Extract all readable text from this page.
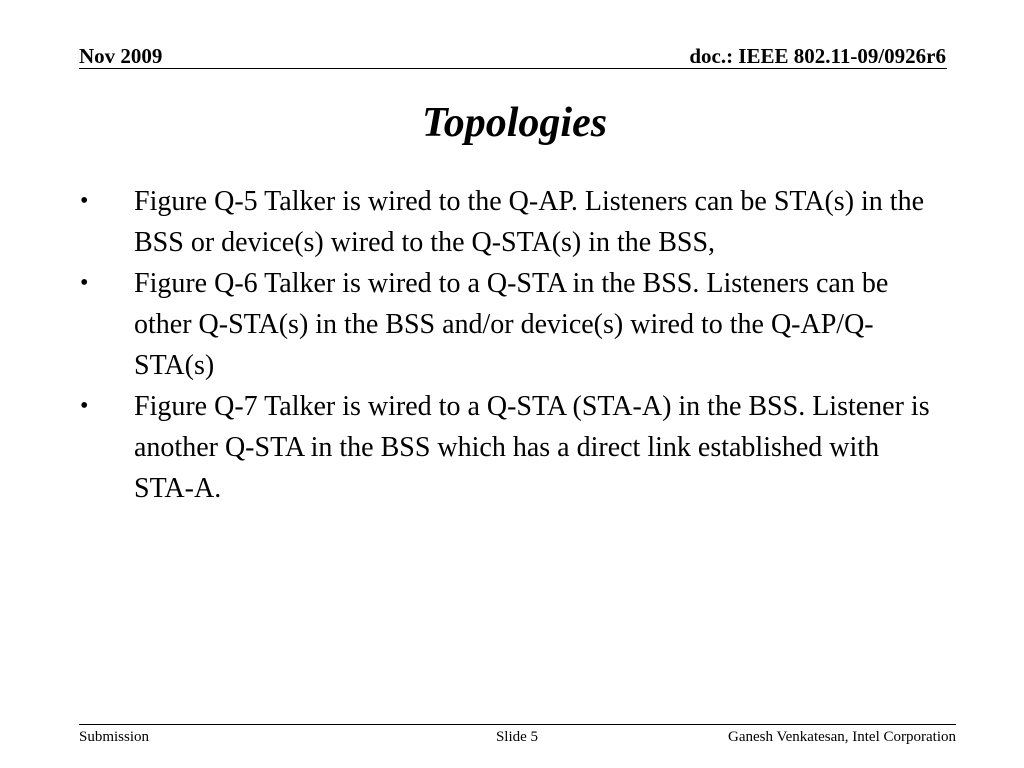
Nov 2009	doc.: IEEE 802.11-09/0926r6
Topologies
•	Figure Q-5 Talker is wired to the Q-AP. Listeners can be STA(s) in the BSS or device(s) wired to the Q-STA(s) in the BSS,
•	Figure Q-6 Talker is wired to a Q-STA in the BSS. Listeners can be other Q-STA(s) in the BSS and/or device(s) wired to the Q-AP/Q-STA(s)
•	Figure Q-7 Talker is wired to a Q-STA (STA-A) in the BSS. Listener is another Q-STA in the BSS which has a direct link established with STA-A.
Submission	Slide 5	Ganesh Venkatesan, Intel Corporation
